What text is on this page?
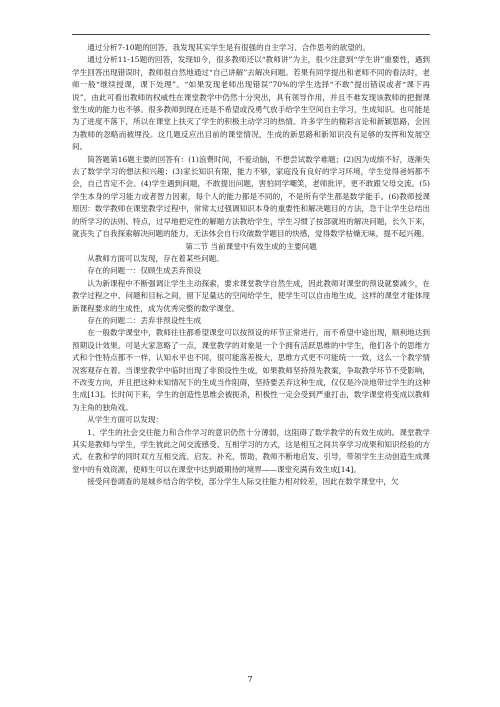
通过分析7-10题的回答，我发现其实学生是有很强的自主学习、合作思考的欲望的。

通过分析11-15题的回答，发现如今，很多教师还以“教师讲”为主，很少注意到“学生讲”重要性，遇到学生回答出现错误时，教师很自然地通过“自己讲解”去解决问题。若果有同学提出和老师不同的看法时，老师一般“继续授课，课下处理”。“如果发现老师出现错误”70%的学生选择“不敢”提出错误或者“课下再说”。由此可看出教师的权威性在课堂教学中仍然十分突出，具有领导作用，并且不难发现该教师的把握课堂生成的能力也不够。很多教师到现在还是不希望或没勇气放手给学生空间自主学习，生成知识。也可能是为了进度不落下，所以在课堂上扶灭了学生的积极主动学习的热情。许多学生的精彩言论和新颖思路，会因为教师的忽略而被埋没。这几题反应出目前的课堂情况，生成的新思路和新知识没有足够的发挥和发展空间。

简答题第16题主要的回答有：(1)浪费时间，不爱动脑，不想尝试数学难题；(2)因为成绩不好，逐渐失去了数学学习的想法和兴趣；(3)家长知识有限，能力不够，家庭没有良好的学习环境，学生觉得爸妈都不会，自己肯定不会。(4)学生遇到问题，不敢提出问题，害怕同学嘲笑，老师批评，更不敢跟父母交流。(5)学生本身的学习能力或者智力因素，每个人的能力都是不同的，不是所有学生都是数学能手。(6)教师授课原因：数学教师在课堂教学过程中，常常太过强调知识本身的重要性和解决题目的方法，急于让学生总结出的所学习的法则、特点，过早地把定性的解题方法教给学生，学生习惯了按部就班的解决问题，长久下来，就丧失了自我探索解决问题的能力，无法体会自行攻破数学题目的快感，觉得数学枯燥无味，提不起兴趣。

第二节 当前课堂中有效生成的主要问题

从教师方面可以发现，存在着某些问题。

存在的问题一：仅顾生成丢弃预设

认为新课程中不断强调让学生主动探索，要求课堂教学自然生成，因此教师对课堂的预设就要减少，在教学过程之中、问题和目标之间，留下足量达的空间给学生，使学生可以自由地生成，这样的课堂才能体现新课程要求的生成性，成为优秀完整的数学课堂。

存在的问题二：丢弃非预设性生成

在一般数学课堂中，教师往往都希望课堂可以按预设的环节正常进行，而不希望中途出现，顺利地达到预期设计效果。可是大家忽略了一点，课堂教学的对象是一个个拥有活跃思维的中学生，他们各个的思维方式和个性特点都不一样，认知水平也不同，很可能落差极大，思维方式更不可能统一一致，这么一个教学情况客观存在着。当课堂教学中临时出现了非预设性生成，如果教师坚持预先教案，争取教学环节不受影响，不改变方向，并且把这种未知情况下的生成当作阻碍，坚持要丢弃这种生成，仅仅是冷淡地带过学生的这种生成[13]。长时间下来，学生的创造性思维会被扼杀，积极性一定会受到严重打击，数学课堂将变成以教师为主角的独角戏。

从学生方面可以发现：

1、学生的社会交往能力和合作学习的意识仍然十分薄弱，这阻碍了数学教学的有效生成的。课堂教学其实是教师与学生，学生彼此之间交流感受、互相学习的方式，这是相互之间共享学习成果和知识经验的方式。在教和学的同时双方互相交流、启发、补充、帮助，教师不断地启发、引导，带领学生主动创造生成课堂中的有效资源，使师生可以在课堂中达到最期待的境界——课堂充满有效生成[14]。

接受问卷调查的是城乡结合的学校，部分学生人际交往能力相对较差，因此在数学课堂中，欠

7
